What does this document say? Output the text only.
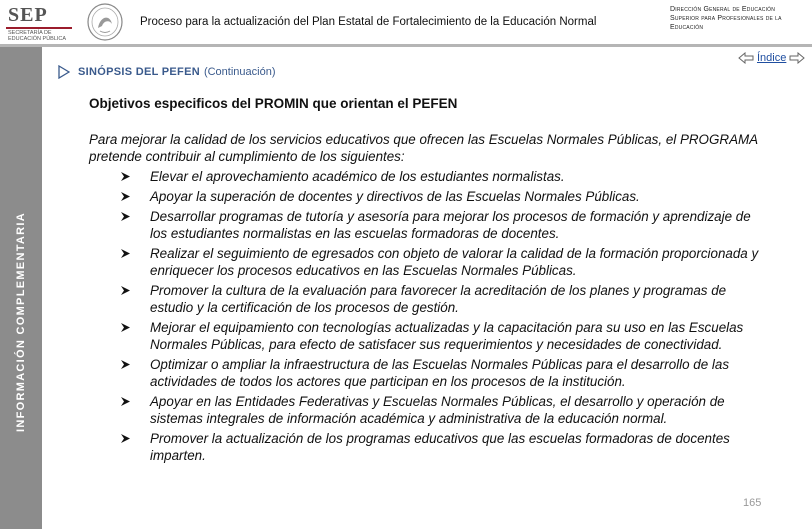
SEP
SECRETARÍA DE EDUCACIÓN PÚBLICA
Proceso para la actualización del Plan Estatal de Fortalecimiento de la Educación Normal
Dirección General de Educación Superior para Profesionales de la Educación
INFORMACIÓN COMPLEMENTARIA
SINÓPSIS DEL PEFEN (Continuación)
Índice
Objetivos especificos del PROMIN que orientan el PEFEN

Para mejorar la calidad de los servicios educativos que ofrecen las Escuelas Normales Públicas, el PROGRAMA pretende contribuir al cumplimiento de los siguientes:

Elevar el aprovechamiento académico de los estudiantes normalistas.
Apoyar la superación de docentes y directivos de las Escuelas Normales Públicas.
Desarrollar programas de tutoría y asesoría para mejorar los procesos de formación y aprendizaje de los estudiantes normalistas en las escuelas formadoras de docentes.
Realizar el seguimiento de egresados con objeto de valorar la calidad de la formación proporcionada y enriquecer los procesos educativos en las Escuelas Normales Públicas.
Promover la cultura de la evaluación para favorecer la acreditación de los planes y programas de estudio y la certificación de los procesos de gestión.
Mejorar el equipamiento con tecnologías actualizadas y la capacitación para su uso en las Escuelas Normales Públicas, para efecto de satisfacer sus requerimientos y necesidades de conectividad.
Optimizar o ampliar la infraestructura de las Escuelas Normales Públicas para el desarrollo de las actividades de todos los actores que participan en los procesos de la institución.
Apoyar en las Entidades Federativas y Escuelas Normales Públicas, el desarrollo y operación de sistemas integrales de información académica y administrativa de la educación normal.
Promover la actualización de los programas educativos que las escuelas formadoras de docentes imparten.
165
